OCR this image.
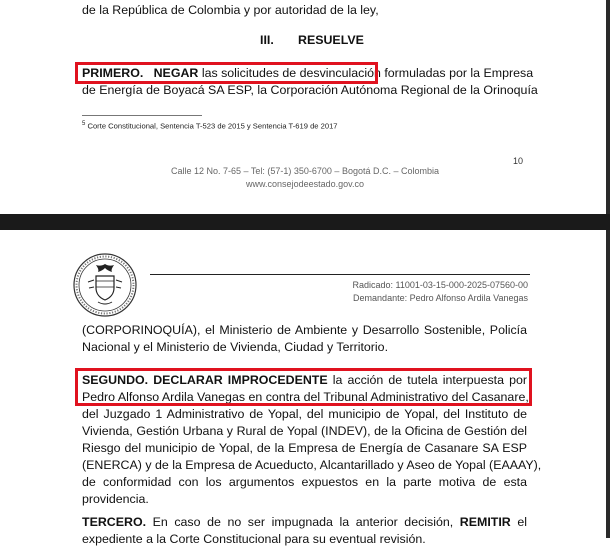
de la República de Colombia y por autoridad de la ley,
III. RESUELVE
PRIMERO. NEGAR las solicitudes de desvinculación formuladas por la Empresa
de Energía de Boyacá SA ESP, la Corporación Autónoma Regional de la Orinoquía
$^5$ Corte Constitucional, Sentencia T-523 de 2015 y Sentencia T-619 de 2017
10
Calle 12 No. 7-65 – Tel: (57-1) 350-6700 – Bogotá D.C. – Colombia
www.consejodeestado.gov.co
Radicado: 11001-03-15-000-2025-07560-00
Demandante: Pedro Alfonso Ardila Vanegas
(CORPORINOQUÍA), el Ministerio de Ambiente y Desarrollo Sostenible, Policía
Nacional y el Ministerio de Vivienda, Ciudad y Territorio.
SEGUNDO. DECLARAR IMPROCEDENTE la acción de tutela interpuesta por
Pedro Alfonso Ardila Vanegas en contra del Tribunal Administrativo del Casanare,
del Juzgado 1 Administrativo de Yopal, del municipio de Yopal, del Instituto de
Vivienda, Gestión Urbana y Rural de Yopal (INDEV), de la Oficina de Gestión del
Riesgo del municipio de Yopal, de la Empresa de Energía de Casanare SA ESP
(ENERCA) y de la Empresa de Acueducto, Alcantarillado y Aseo de Yopal (EAAAY),
de conformidad con los argumentos expuestos en la parte motiva de esta
providencia.
TERCERO. En caso de no ser impugnada la anterior decisión, REMITIR el
expediente a la Corte Constitucional para su eventual revisión.
